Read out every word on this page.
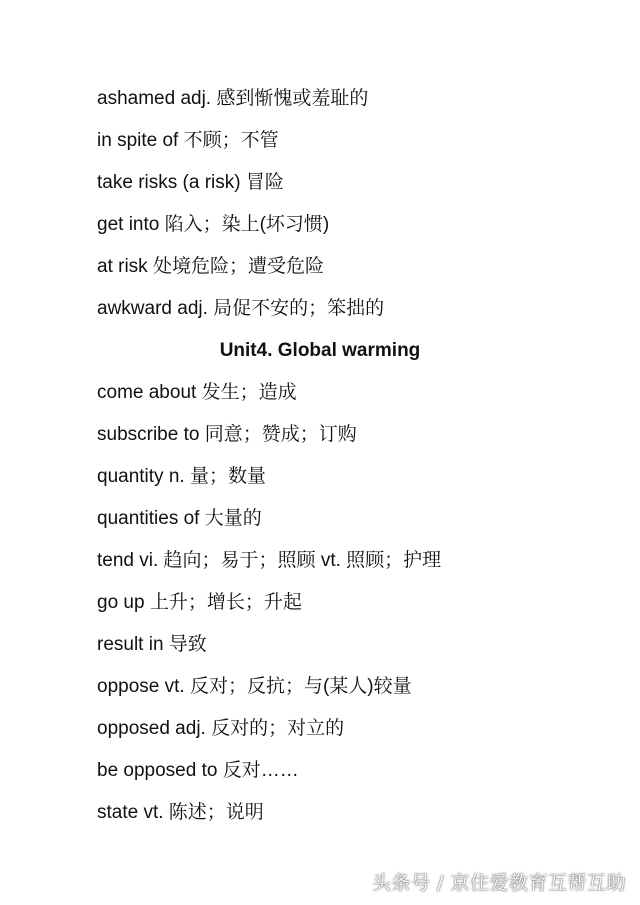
ashamed adj. 感到惭愧或羞耻的
in spite of 不顾；不管
take risks (a risk) 冒险
get into 陷入；染上(坏习惯)
at risk 处境危险；遭受危险
awkward adj. 局促不安的；笨拙的
Unit4. Global warming
come about 发生；造成
subscribe to 同意；赞成；订购
quantity n. 量；数量
quantities of 大量的
tend vi. 趋向；易于；照顾 vt. 照顾；护理
go up 上升；增长；升起
result in 导致
oppose vt. 反对；反抗；与(某人)较量
opposed adj. 反对的；对立的
be opposed to 反对……
state vt. 陈述；说明
头条号 / 京住爱教育互帮互助
